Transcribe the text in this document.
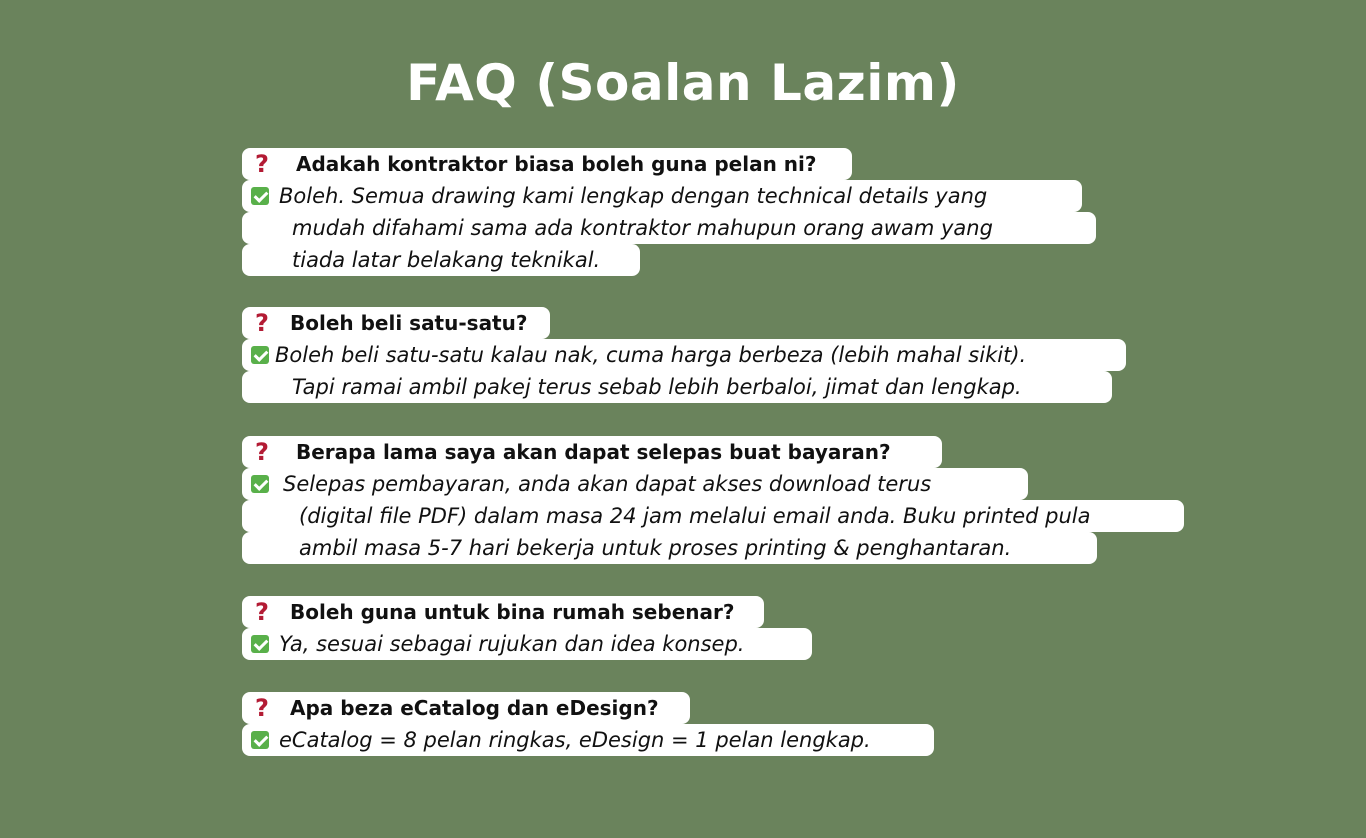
FAQ (Soalan Lazim)
?	Adakah kontraktor biasa boleh guna pelan ni?
Boleh. Semua drawing kami lengkap dengan technical details yang
mudah difahami sama ada kontraktor mahupun orang awam yang
tiada latar belakang teknikal.
?	Boleh beli satu-satu?
Boleh beli satu-satu kalau nak, cuma harga berbeza (lebih mahal sikit).
Tapi ramai ambil pakej terus sebab lebih berbaloi, jimat dan lengkap.
?	Berapa lama saya akan dapat selepas buat bayaran?
Selepas pembayaran, anda akan dapat akses download terus
(digital file PDF) dalam masa 24 jam melalui email anda. Buku printed pula
ambil masa 5-7 hari bekerja untuk proses printing & penghantaran.
?	Boleh guna untuk bina rumah sebenar?
Ya, sesuai sebagai rujukan dan idea konsep.
?	Apa beza eCatalog dan eDesign?
eCatalog = 8 pelan ringkas, eDesign = 1 pelan lengkap.
